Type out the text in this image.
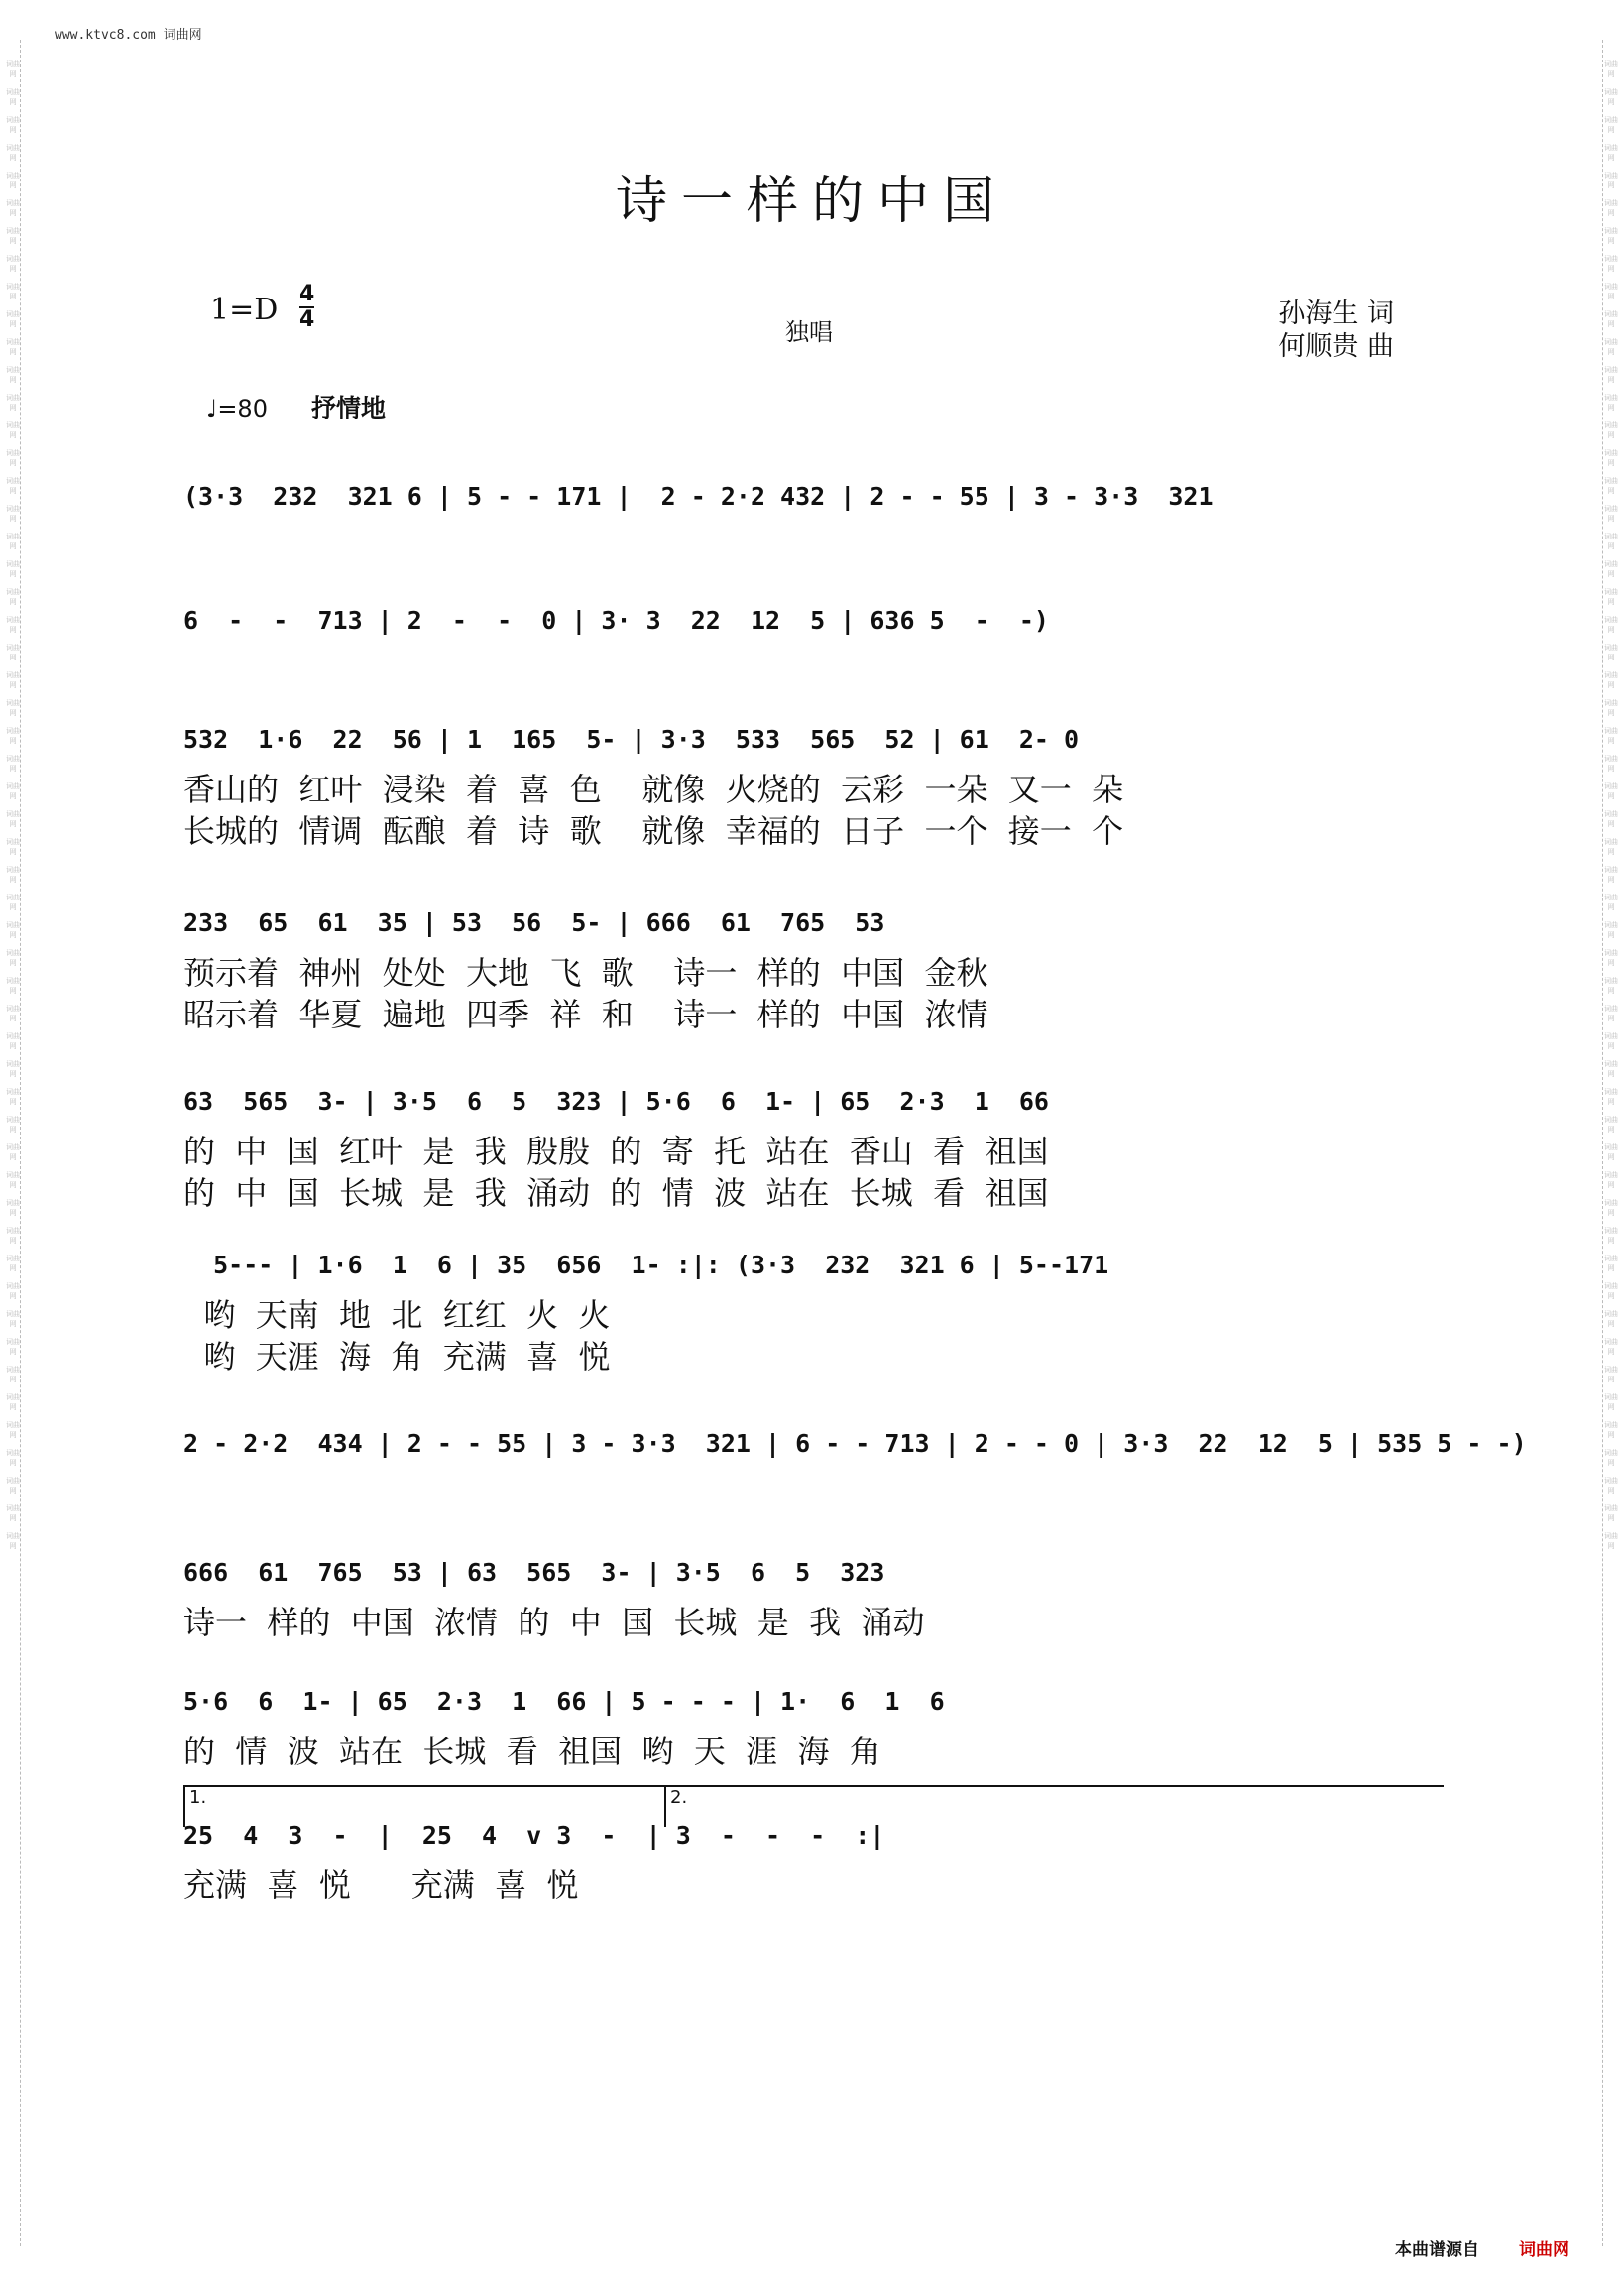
www.ktvc8.com 词曲网
词曲网
词曲网
词曲网
词曲网
词曲网
词曲网
词曲网
词曲网
词曲网
词曲网
词曲网
词曲网
词曲网
词曲网
词曲网
词曲网
词曲网
词曲网
词曲网
词曲网
词曲网
词曲网
词曲网
词曲网
词曲网
词曲网
词曲网
词曲网
词曲网
词曲网
词曲网
词曲网
词曲网
词曲网
词曲网
词曲网
词曲网
词曲网
词曲网
词曲网
词曲网
词曲网
词曲网
词曲网
词曲网
词曲网
词曲网
词曲网
词曲网
词曲网
词曲网
词曲网
词曲网
词曲网
词曲网
词曲网
词曲网
词曲网
词曲网
词曲网
词曲网
词曲网
词曲网
词曲网
词曲网
词曲网
词曲网
词曲网
词曲网
词曲网
词曲网
词曲网
词曲网
词曲网
词曲网
词曲网
词曲网
词曲网
词曲网
词曲网
词曲网
词曲网
词曲网
词曲网
词曲网
词曲网
词曲网
词曲网
词曲网
词曲网
词曲网
词曲网
词曲网
词曲网
词曲网
词曲网
词曲网
词曲网
词曲网
词曲网
词曲网
词曲网
词曲网
词曲网
词曲网
词曲网
词曲网
词曲网
诗一样的中国
1=D 4
4	独唱
孙海生 词
何顺贵 曲
♩=80 抒情地
(3·3  232  321 6 | 5 - - 171 |  2 - 2·2 432 | 2 - - 55 | 3 - 3·3  321
6  -  -  713 | 2  -  -  0 | 3· 3  22  12  5 | 636 5  -  -)
532  1·6  22  56 | 1  165  5- | 3·3  533  565  52 | 61  2- 0
香山的  红叶  浸染  着  喜  色    就像  火烧的  云彩  一朵  又一  朵
长城的  情调  酝酿  着  诗  歌    就像  幸福的  日子  一个  接一  个
233  65  61  35 | 53  56  5- | 666  61  765  53
预示着  神州  处处  大地  飞  歌    诗一  样的  中国  金秋
昭示着  华夏  遍地  四季  祥  和    诗一  样的  中国  浓情
63  565  3- | 3·5  6  5  323 | 5·6  6  1- | 65  2·3  1  66
的  中  国  红叶  是  我  殷殷  的  寄  托  站在  香山  看  祖国
的  中  国  长城  是  我  涌动  的  情  波  站在  长城  看  祖国
5--- | 1·6  1  6 | 35  656  1- :|: (3·3  232  321 6 | 5--171
哟  天南  地  北  红红  火  火
哟  天涯  海  角  充满  喜  悦
2 - 2·2  434 | 2 - - 55 | 3 - 3·3  321 | 6 - - 713 | 2 - - 0 | 3·3  22  12  5 | 535 5 - -)
666  61  765  53 | 63  565  3- | 3·5  6  5  323
诗一  样的  中国  浓情  的  中  国  长城  是  我  涌动
5·6  6  1- | 65  2·3  1  66 | 5 - - - | 1·  6  1  6
的  情  波  站在  长城  看  祖国  哟  天  涯  海  角
25  4  3  -  |  25  4  v 3  -  | 3  -  -  -  :|
充满  喜  悦      充满  喜  悦
1.	2.
本曲谱源自 词曲网
